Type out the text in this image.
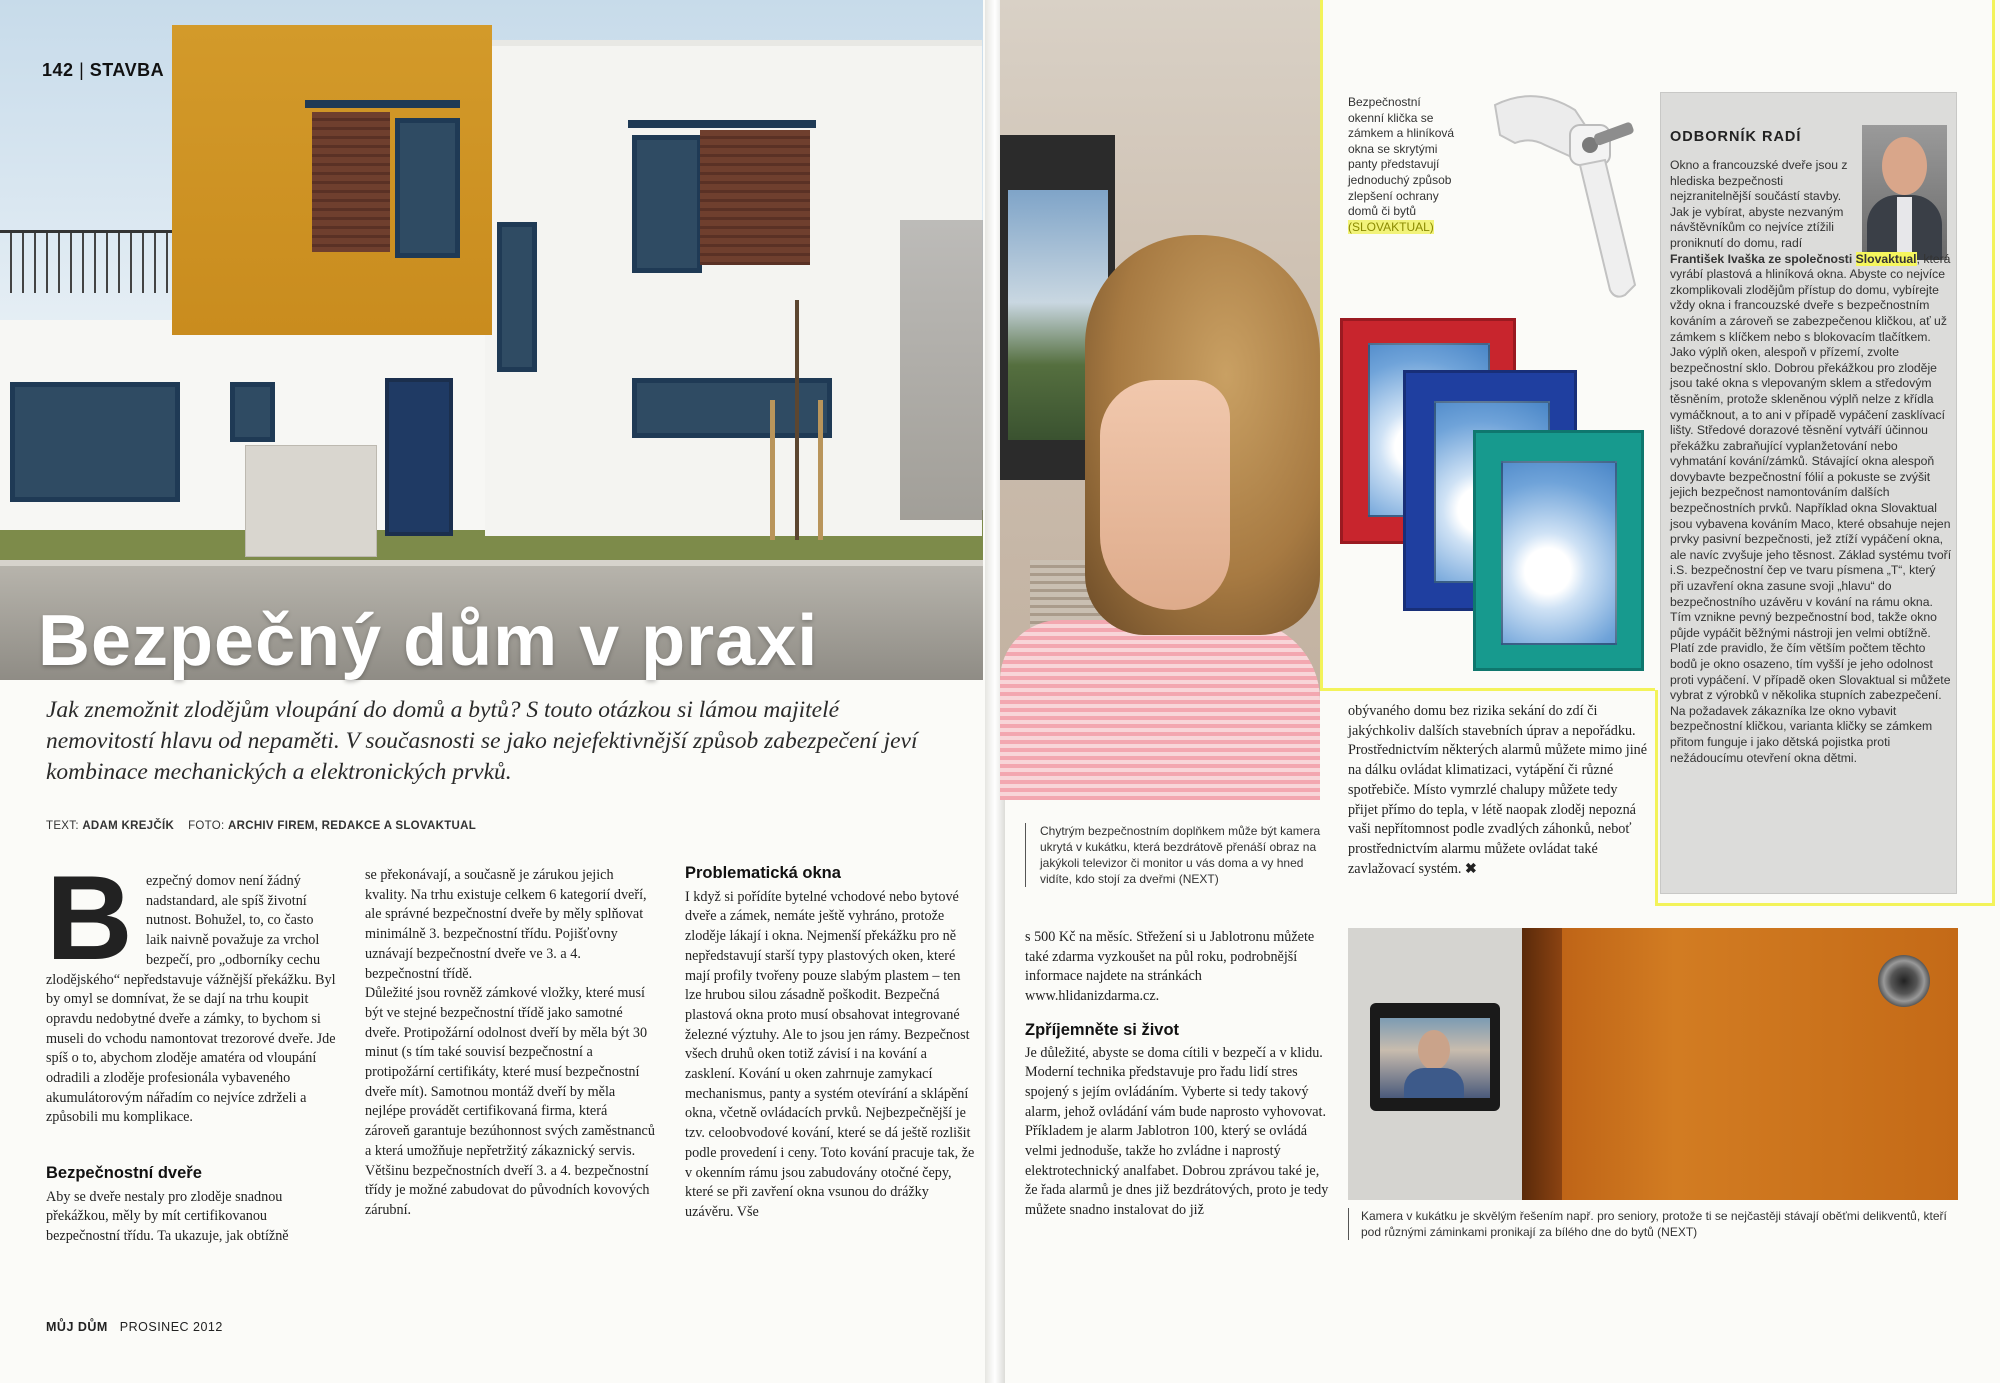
142 | STAVBA
Bezpečný dům v praxi
Jak znemožnit zlodějům vloupání do domů a bytů? S touto otázkou si lámou majitelé nemovitostí hlavu od nepaměti. V současnosti se jako nejefektivnější způsob zabezpečení jeví kombinace mechanických a elektronických prvků.
TEXT: ADAM KREJČÍK FOTO: ARCHIV FIREM, REDAKCE A SLOVAKTUAL
B ezpečný domov není žádný nadstandard, ale spíš životní nutnost. Bohužel, to, co často laik naivně považuje za vrchol bezpečí, pro „odborníky cechu zlodějského“ nepředstavuje vážnější překážku. Byl by omyl se domnívat, že se dají na trhu koupit opravdu nedobytné dveře a zámky, to bychom si museli do vchodu namontovat trezorové dveře. Jde spíš o to, abychom zloděje amatéra od vloupání odradili a zloděje profesionála vybaveného akumulátorovým nářadím co nejvíce zdrželi a způsobili mu komplikace.

Bezpečnostní dveře

Aby se dveře nestaly pro zloděje snadnou překážkou, měly by mít certifikovanou bezpečnostní třídu. Ta ukazuje, jak obtížně

se překonávají, a současně je zárukou jejich kvality. Na trhu existuje celkem 6 kategorií dveří, ale správné bezpečnostní dveře by měly splňovat minimálně 3. bezpečnostní třídu. Pojišťovny uznávají bezpečnostní dveře ve 3. a 4. bezpečnostní třídě.

Důležité jsou rovněž zámkové vložky, které musí být ve stejné bezpečnostní třídě jako samotné dveře. Protipožární odolnost dveří by měla být 30 minut (s tím také souvisí bezpečnostní a protipožární certifikáty, které musí bezpečnostní dveře mít). Samotnou montáž dveří by měla nejlépe provádět certifikovaná firma, která zároveň garantuje bezúhonnost svých zaměstnanců a která umožňuje nepřetržitý zákaznický servis. Většinu bezpečnostních dveří 3. a 4. bezpečnostní třídy je možné zabudovat do původních kovových zárubní.

Problematická okna

I když si pořídíte bytelné vchodové nebo bytové dveře a zámek, nemáte ještě vyhráno, protože zloděje lákají i okna. Nejmenší překážku pro ně nepředstavují starší typy plastových oken, které mají profily tvořeny pouze slabým plastem – ten lze hrubou silou zásadně poškodit. Bezpečná plastová okna proto musí obsahovat integrované železné výztuhy. Ale to jsou jen rámy. Bezpečnost všech druhů oken totiž závisí i na kování a zasklení. Kování u oken zahrnuje zamykací mechanismus, panty a systém otevírání a sklápění okna, včetně ovládacích prvků. Nejbezpečnější je tzv. celoobvodové kování, které se dá ještě rozlišit podle provedení i ceny. Toto kování pracuje tak, že v okenním rámu jsou zabudovány otočné čepy, které se při zavření okna vsunou do drážky uzávěru. Vše

MŮJ DŮM PROSINEC 2012
Chytrým bezpečnostním doplňkem může být kamera ukrytá v kukátku, která bezdrátově přenáší obraz na jakýkoli televizor či monitor u vás doma a vy hned vidíte, kdo stojí za dveřmi (NEXT)
Bezpečnostní okenní klička se zámkem a hliníková okna se skrytými panty představují jednoduchý způsob zlepšení ochrany domů či bytů (SLOVAKTUAL)
ODBORNÍK RADÍ
Okno a francouzské dveře jsou z hlediska bezpečnosti nejzranitelnější součástí stavby. Jak je vybírat, abyste nezvaným návštěvníkům co nejvíce ztížili proniknutí do domu, radí
František Ivaška ze společnosti Slovaktual, která vyrábí plastová a hliníková okna. Abyste co nejvíce zkomplikovali zlodějům přístup do domu, vybírejte vždy okna i francouzské dveře s bezpečnostním kováním a zároveň se zabezpečenou kličkou, ať už zámkem s klíčkem nebo s blokovacím tlačítkem. Jako výplň oken, alespoň v přízemí, zvolte bezpečnostní sklo. Dobrou překážkou pro zloděje jsou také okna s vlepovaným sklem a středovým těsněním, protože skleněnou výplň nelze z křídla vymáčknout, a to ani v případě vypáčení zasklívací lišty. Středové dorazové těsnění vytváří účinnou překážku zabraňující vyplanžetování nebo vyhmatání kování/zámků. Stávající okna alespoň dovybavte bezpečnostní fólií a pokuste se zvýšit jejich bezpečnost namontováním dalších bezpečnostních prvků. Například okna Slovaktual jsou vybavena kováním Maco, které obsahuje nejen prvky pasivní bezpečnosti, jež ztíží vypáčení okna, ale navíc zvyšuje jeho těsnost. Základ systému tvoří i.S. bezpečnostní čep ve tvaru písmena „T“, který při uzavření okna zasune svoji „hlavu“ do bezpečnostního uzávěru v kování na rámu okna. Tím vznikne pevný bezpečnostní bod, takže okno půjde vypáčit běžnými nástroji jen velmi obtížně. Platí zde pravidlo, že čím větším počtem těchto bodů je okno osazeno, tím vyšší je jeho odolnost proti vypáčení. V případě oken Slovaktual si můžete vybrat z výrobků v několika stupních zabezpečení. Na požadavek zákazníka lze okno vybavit bezpečnostní kličkou, varianta kličky se zámkem přitom funguje i jako dětská pojistka proti nežádoucímu otevření okna dětmi.
obývaného domu bez rizika sekání do zdí či jakýchkoliv dalších stavebních úprav a nepořádku. Prostřednictvím některých alarmů můžete mimo jiné na dálku ovládat klimatizaci, vytápění či různé spotřebiče. Místo vymrzlé chalupy můžete tedy přijet přímo do tepla, v létě naopak zloděj nepozná vaši nepřítomnost podle zvadlých záhonků, neboť prostřednictvím alarmu můžete ovládat také zavlažovací systém. ✖

s 500 Kč na měsíc. Střežení si u Jablotronu můžete také zdarma vyzkoušet na půl roku, podrobnější informace najdete na stránkách www.hlidanizdarma.cz.

Zpříjemněte si život

Je důležité, abyste se doma cítili v bezpečí a v klidu. Moderní technika představuje pro řadu lidí stres spojený s jejím ovládáním. Vyberte si tedy takový alarm, jehož ovládání vám bude naprosto vyhovovat. Příkladem je alarm Jablotron 100, který se ovládá velmi jednoduše, takže ho zvládne i naprostý elektrotechnický analfabet. Dobrou zprávou také je, že řada alarmů je dnes již bezdrátových, proto je tedy můžete snadno instalovat do již	Kamera v kukátku je skvělým řešením např. pro seniory, protože ti se nejčastěji stávají oběťmi delikventů, kteří pod různými záminkami pronikají za bílého dne do bytů (NEXT)
